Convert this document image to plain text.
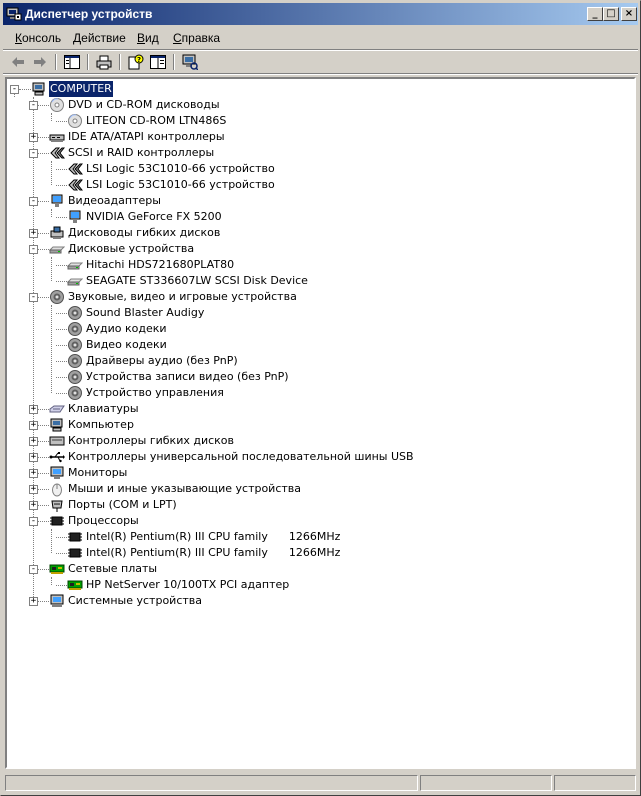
Диспетчер устройств	_ □ ×
Консоль Действие Вид Справка
?
COMPUTER
-
DVD и CD-ROM дисководы
-
LITEON CD-ROM LTN486S
IDE ATA/ATAPI контроллеры
+
SCSI и RAID контроллеры
-
LSI Logic 53C1010-66 устройство
LSI Logic 53C1010-66 устройство
Видеоадаптеры
-
NVIDIA GeForce FX 5200
Дисководы гибких дисков
+
Дисковые устройства
-
Hitachi HDS721680PLAT80
SEAGATE ST336607LW SCSI Disk Device
Звуковые, видео и игровые устройства
-
Sound Blaster Audigy
Аудио кодеки
Видео кодеки
Драйверы аудио (без PnP)
Устройства записи видео (без PnP)
Устройство управления
Клавиатуры
+
Компьютер
+
Контроллеры гибких дисков
+
Контроллеры универсальной последовательной шины USB
+
Мониторы
+
Мыши и иные указывающие устройства
+
Порты (COM и LPT)
+
Процессоры
-
Intel(R) Pentium(R) III CPU family      1266MHz
Intel(R) Pentium(R) III CPU family      1266MHz
Сетевые платы
-
HP NetServer 10/100TX PCI адаптер
Системные устройства
+
